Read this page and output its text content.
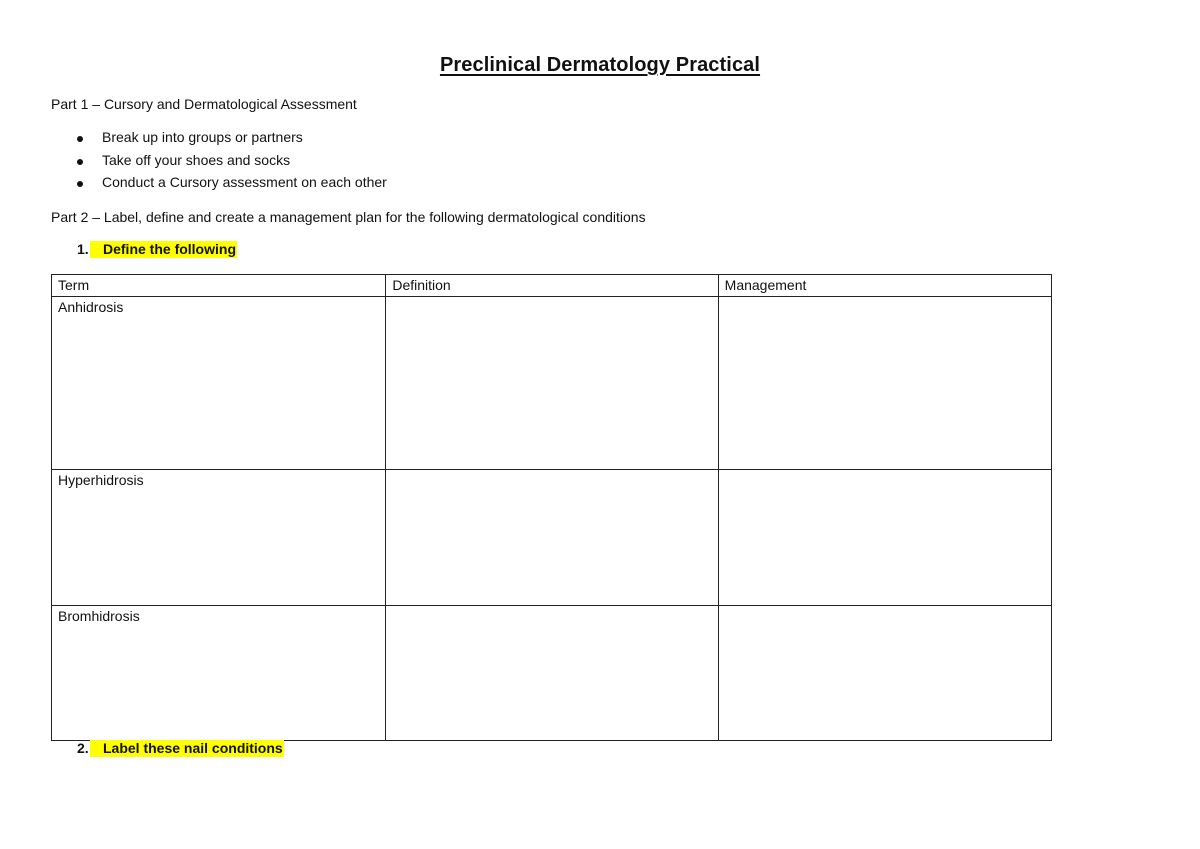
Preclinical Dermatology Practical
Part 1 – Cursory and Dermatological Assessment
Break up into groups or partners
Take off your shoes and socks
Conduct a Cursory assessment on each other
Part 2 – Label, define and create a management plan for the following dermatological conditions
1.	Define the following
Term	Definition	Management
Anhidrosis		
Hyperhidrosis		
Bromhidrosis		
2.	Label these nail conditions
